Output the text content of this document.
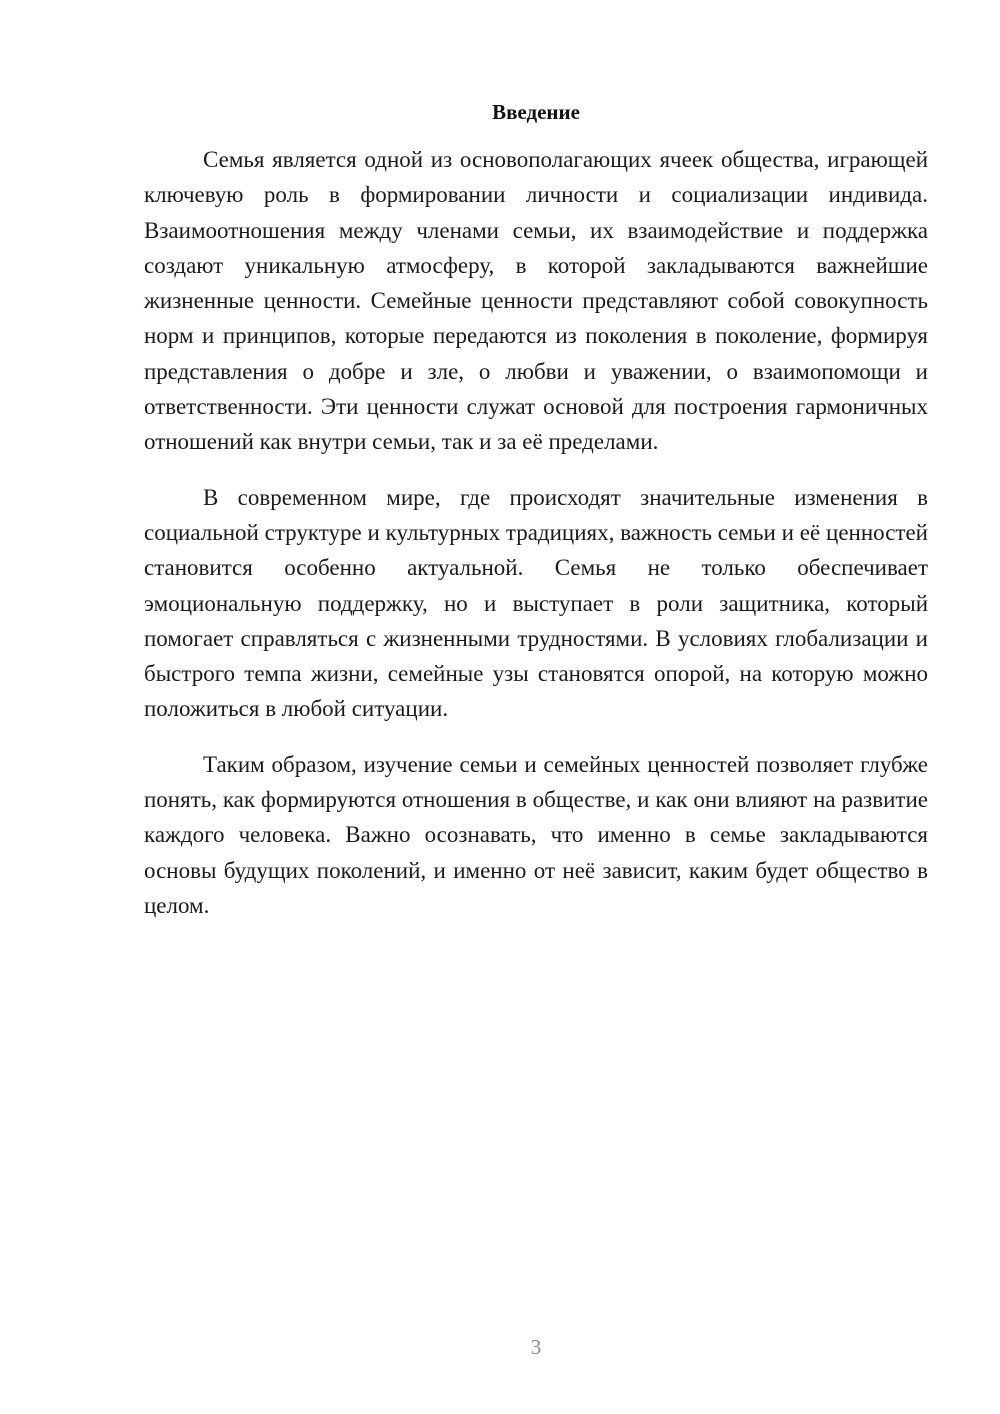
Введение

Семья является одной из основополагающих ячеек общества, играющей ключевую роль в формировании личности и социализации индивида. Взаимоотношения между членами семьи, их взаимодействие и поддержка создают уникальную атмосферу, в которой закладываются важнейшие жизненные ценности. Семейные ценности представляют собой совокупность норм и принципов, которые передаются из поколения в поколение, формируя представления о добре и зле, о любви и уважении, о взаимопомощи и ответственности. Эти ценности служат основой для построения гармоничных отношений как внутри семьи, так и за её пределами.

В современном мире, где происходят значительные изменения в социальной структуре и культурных традициях, важность семьи и её ценностей становится особенно актуальной. Семья не только обеспечивает эмоциональную поддержку, но и выступает в роли защитника, который помогает справляться с жизненными трудностями. В условиях глобализации и быстрого темпа жизни, семейные узы становятся опорой, на которую можно положиться в любой ситуации.

Таким образом, изучение семьи и семейных ценностей позволяет глубже понять, как формируются отношения в обществе, и как они влияют на развитие каждого человека. Важно осознавать, что именно в семье закладываются основы будущих поколений, и именно от неё зависит, каким будет общество в целом.

3
